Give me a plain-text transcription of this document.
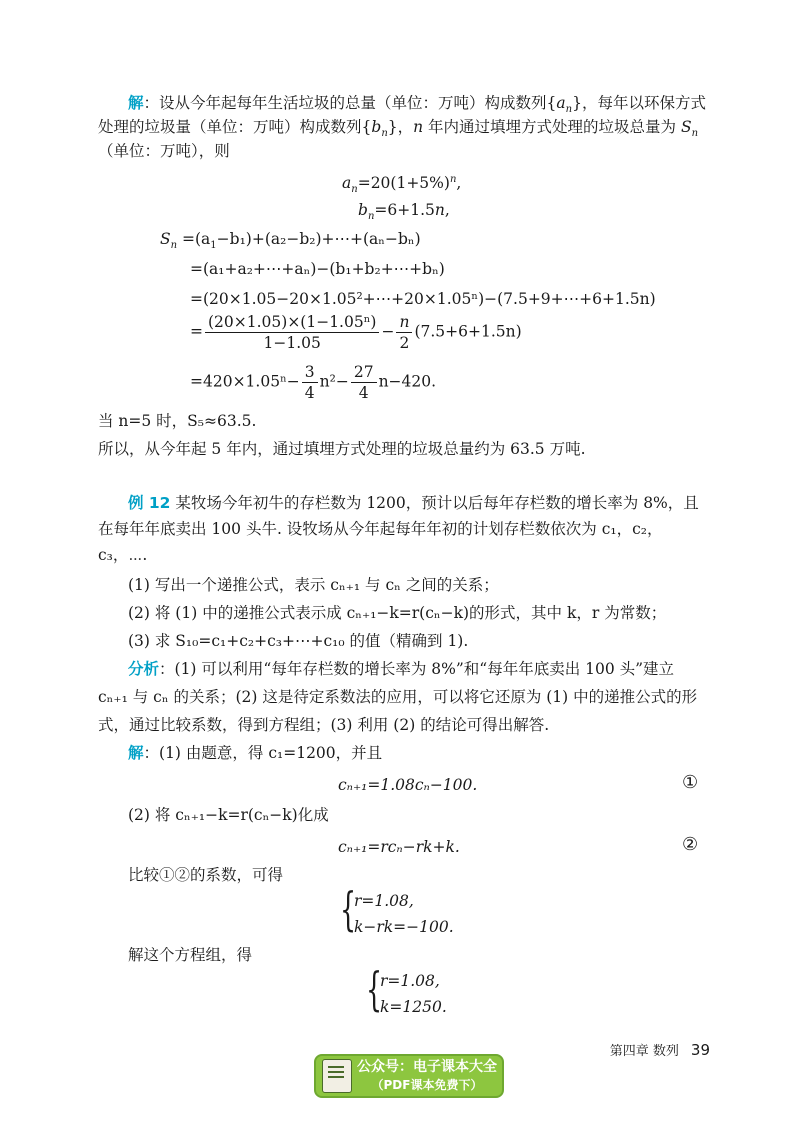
解：设从今年起每年生活垃圾的总量（单位：万吨）构成数列$\{a_n\}$，每年以环保方式
处理的垃圾量（单位：万吨）构成数列$\{b_n\}$，n 年内通过填埋方式处理的垃圾总量为 $S_n$
（单位：万吨），则
$a_n=20(1+5\%)^n$,
$b_n=6+1.5n$,
$S_n$ $=(a_1-b_1)+(a_2-b_2)+\cdots+(a_n-b_n)$
=(a₁+a₂+⋯+aₙ)−(b₁+b₂+⋯+bₙ)
=(20×1.05−20×1.05²+⋯+20×1.05ⁿ)−(7.5+9+⋯+6+1.5n)
= $\frac{\text{(20×1.05)×(1−1.05ⁿ)}}{1-1.05} - \frac{n}{2} (7.5+6+1.5n)$
$=420\times 1.05^n- \frac{3}{4} n^2- \frac{27}{4} n-420$.
当 n=5 时，S₅≈63.5.
所以，从今年起 5 年内，通过填埋方式处理的垃圾总量约为 63.5 万吨.
例 12 某牧场今年初牛的存栏数为 1200，预计以后每年存栏数的增长率为 8%，且
在每年年底卖出 100 头牛. 设牧场从今年起每年年初的计划存栏数依次为 c₁，c₂，
c₃，⋯.
(1) 写出一个递推公式，表示 cₙ₊₁ 与 cₙ 之间的关系；
(2) 将 (1) 中的递推公式表示成 cₙ₊₁−k=r(cₙ−k)的形式，其中 k，r 为常数；
(3) 求 S₁₀=c₁+c₂+c₃+⋯+c₁₀ 的值（精确到 1).
分析：(1) 可以利用“每年存栏数的增长率为 8%”和“每年年底卖出 100 头”建立
cₙ₊₁ 与 cₙ 的关系；(2) 这是待定系数法的应用，可以将它还原为 (1) 中的递推公式的形
式，通过比较系数，得到方程组；(3) 利用 (2) 的结论可得出解答.
解：(1) 由题意，得 c₁=1200，并且
cₙ₊₁=1.08cₙ−100.	①
(2) 将 cₙ₊₁−k=r(cₙ−k)化成
cₙ₊₁=rcₙ−rk+k.	②
比较①②的系数，可得
{
r=1.08,
k−rk=−100.
解这个方程组，得
{
r=1.08,
k=1250.
第四章 数列 39
公众号：电子课本大全
（PDF课本免费下）
